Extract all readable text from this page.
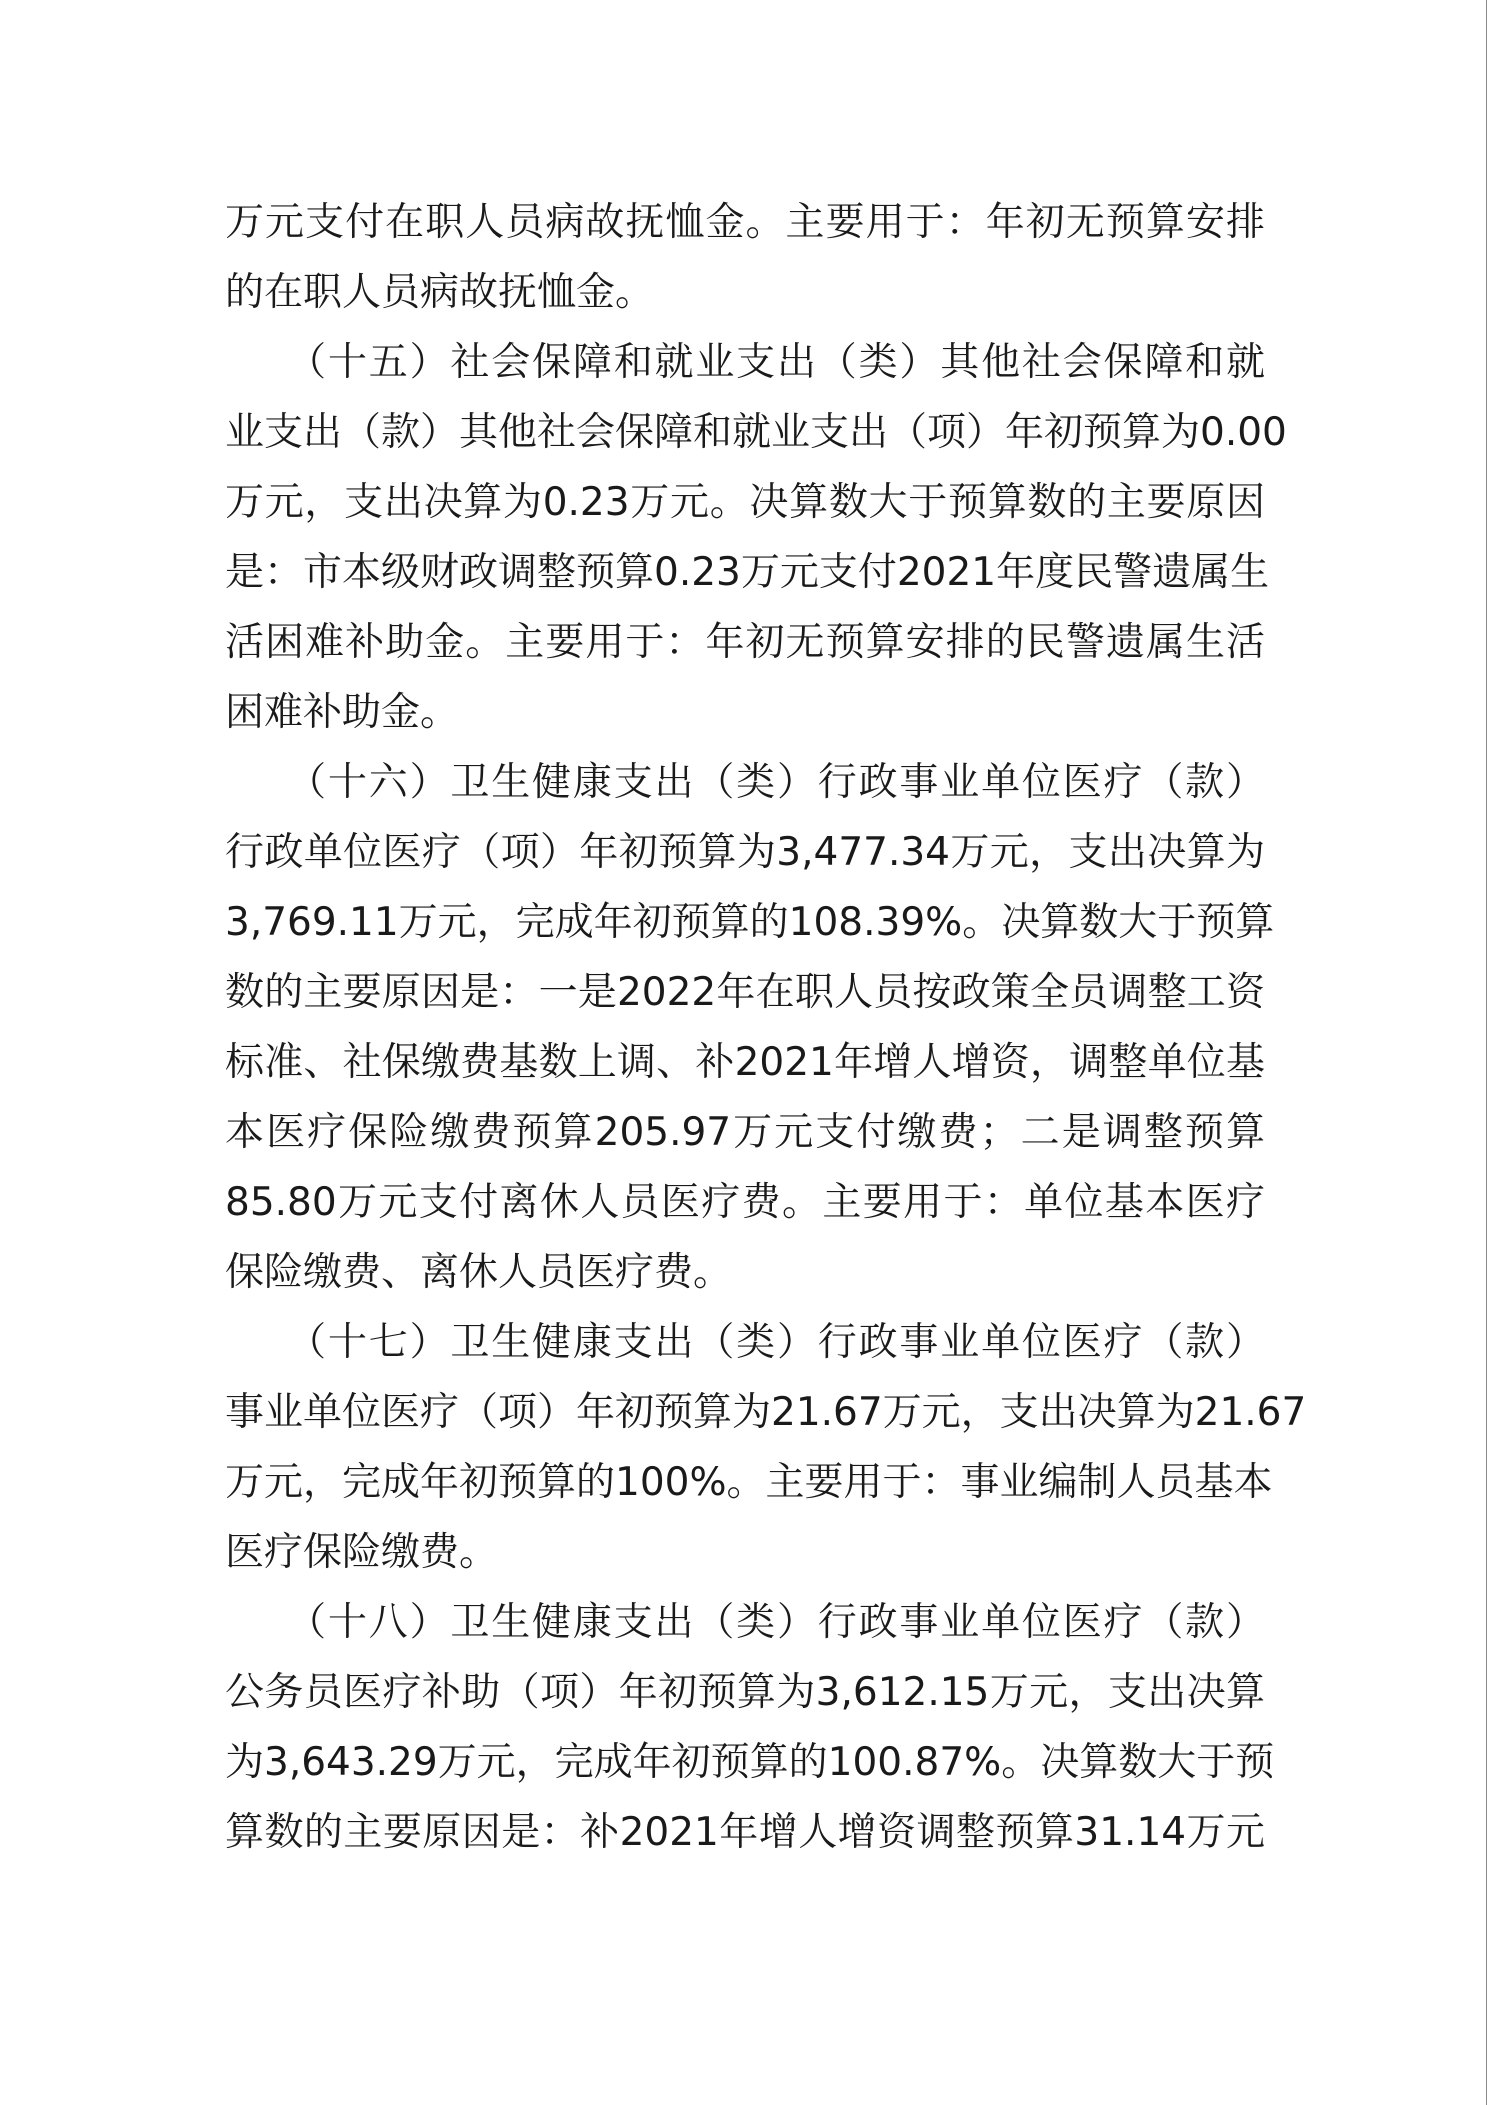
万元支付在职人员病故抚恤金。主要用于：年初无预算安排
的在职人员病故抚恤金。

　　（十五）社会保障和就业支出（类）其他社会保障和就
业支出（款）其他社会保障和就业支出（项）年初预算为0.00
万元，支出决算为0.23万元。决算数大于预算数的主要原因
是：市本级财政调整预算0.23万元支付2021年度民警遗属生
活困难补助金。主要用于：年初无预算安排的民警遗属生活
困难补助金。

　　（十六）卫生健康支出（类）行政事业单位医疗（款）
行政单位医疗（项）年初预算为3,477.34万元，支出决算为
3,769.11万元，完成年初预算的108.39%。决算数大于预算
数的主要原因是：一是2022年在职人员按政策全员调整工资
标准、社保缴费基数上调、补2021年增人增资，调整单位基
本医疗保险缴费预算205.97万元支付缴费；二是调整预算
85.80万元支付离休人员医疗费。主要用于：单位基本医疗
保险缴费、离休人员医疗费。

　　（十七）卫生健康支出（类）行政事业单位医疗（款）
事业单位医疗（项）年初预算为21.67万元，支出决算为21.67
万元，完成年初预算的100%。主要用于：事业编制人员基本
医疗保险缴费。

　　（十八）卫生健康支出（类）行政事业单位医疗（款）
公务员医疗补助（项）年初预算为3,612.15万元，支出决算
为3,643.29万元，完成年初预算的100.87%。决算数大于预
算数的主要原因是：补2021年增人增资调整预算31.14万元
